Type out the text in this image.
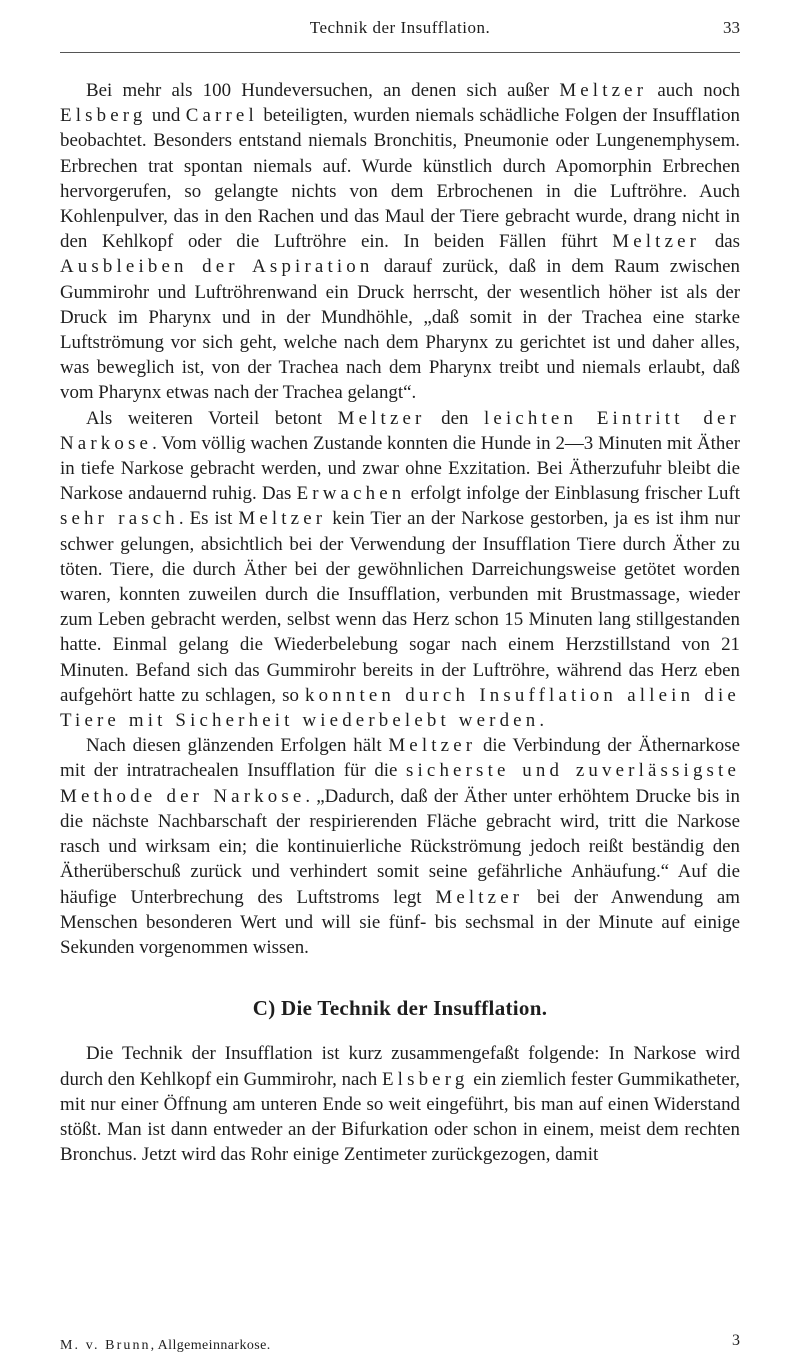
Technik der Insufflation.	33

Bei mehr als 100 Hundeversuchen, an denen sich außer Meltzer auch noch Elsberg und Carrel beteiligten, wurden niemals schädliche Folgen der Insufflation beobachtet. Besonders entstand niemals Bronchitis, Pneumonie oder Lungenemphysem. Erbrechen trat spontan niemals auf. Wurde künstlich durch Apomorphin Erbrechen hervorgerufen, so gelangte nichts von dem Erbrochenen in die Luftröhre. Auch Kohlenpulver, das in den Rachen und das Maul der Tiere gebracht wurde, drang nicht in den Kehlkopf oder die Luftröhre ein. In beiden Fällen führt Meltzer das Ausbleiben der Aspiration darauf zurück, daß in dem Raum zwischen Gummirohr und Luftröhrenwand ein Druck herrscht, der wesentlich höher ist als der Druck im Pharynx und in der Mundhöhle, „daß somit in der Trachea eine starke Luftströmung vor sich geht, welche nach dem Pharynx zu gerichtet ist und daher alles, was beweglich ist, von der Trachea nach dem Pharynx treibt und niemals erlaubt, daß vom Pharynx etwas nach der Trachea gelangt“.

Als weiteren Vorteil betont Meltzer den leichten Eintritt der Narkose. Vom völlig wachen Zustande konnten die Hunde in 2—3 Minuten mit Äther in tiefe Narkose gebracht werden, und zwar ohne Exzitation. Bei Ätherzufuhr bleibt die Narkose andauernd ruhig. Das Erwachen erfolgt infolge der Einblasung frischer Luft sehr rasch. Es ist Meltzer kein Tier an der Narkose gestorben, ja es ist ihm nur schwer gelungen, absichtlich bei der Verwendung der Insufflation Tiere durch Äther zu töten. Tiere, die durch Äther bei der gewöhnlichen Darreichungsweise getötet worden waren, konnten zuweilen durch die Insufflation, verbunden mit Brustmassage, wieder zum Leben gebracht werden, selbst wenn das Herz schon 15 Minuten lang stillgestanden hatte. Einmal gelang die Wiederbelebung sogar nach einem Herzstillstand von 21 Minuten. Befand sich das Gummirohr bereits in der Luftröhre, während das Herz eben aufgehört hatte zu schlagen, so konnten durch Insufflation allein die Tiere mit Sicherheit wiederbelebt werden.

Nach diesen glänzenden Erfolgen hält Meltzer die Verbindung der Äthernarkose mit der intratrachealen Insufflation für die sicherste und zuverlässigste Methode der Narkose. „Dadurch, daß der Äther unter erhöhtem Drucke bis in die nächste Nachbarschaft der respirierenden Fläche gebracht wird, tritt die Narkose rasch und wirksam ein; die kontinuierliche Rückströmung jedoch reißt beständig den Ätherüberschuß zurück und verhindert somit seine gefährliche Anhäufung.“ Auf die häufige Unterbrechung des Luftstroms legt Meltzer bei der Anwendung am Menschen besonderen Wert und will sie fünf- bis sechsmal in der Minute auf einige Sekunden vorgenommen wissen.

C) Die Technik der Insufflation.

Die Technik der Insufflation ist kurz zusammengefaßt folgende: In Narkose wird durch den Kehlkopf ein Gummirohr, nach Elsberg ein ziemlich fester Gummikatheter, mit nur einer Öffnung am unteren Ende so weit eingeführt, bis man auf einen Widerstand stößt. Man ist dann entweder an der Bifurkation oder schon in einem, meist dem rechten Bronchus. Jetzt wird das Rohr einige Zentimeter zurückgezogen, damit

M. v. Brunn, Allgemeinnarkose.	3
